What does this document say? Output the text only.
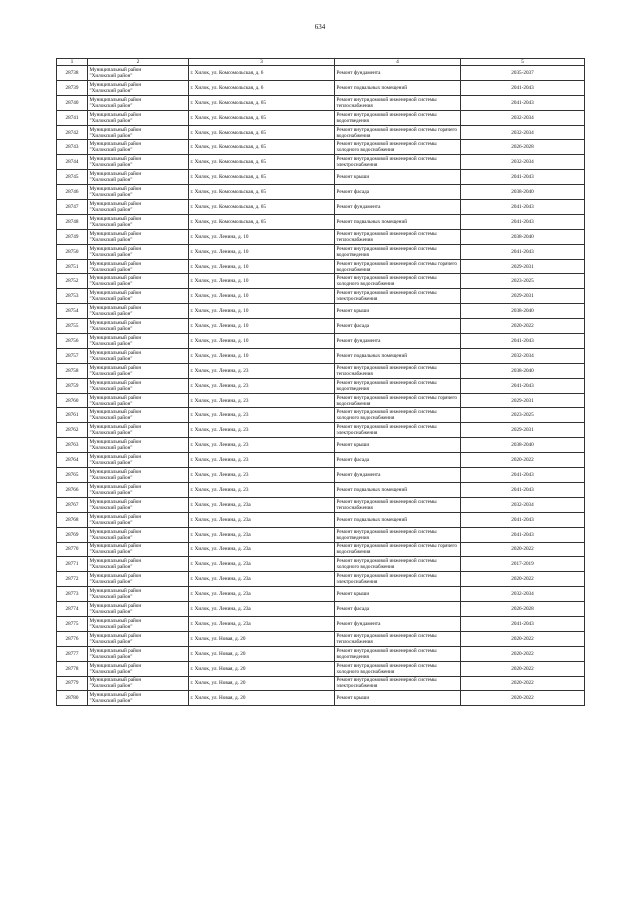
634
1	2	3	4	5
28738	Муниципальный район
"Хилокский район"	г. Хилок, ул. Комсомольская, д. 6	Ремонт фундамента	2035-2037
28739	Муниципальный район
"Хилокский район"	г. Хилок, ул. Комсомольская, д. 6	Ремонт подвальных помещений	2041-2043
28740	Муниципальный район
"Хилокский район"	г. Хилок, ул. Комсомольская, д. 65	Ремонт внутридомовой инженерной системы теплоснабжения	2041-2043
28741	Муниципальный район
"Хилокский район"	г. Хилок, ул. Комсомольская, д. 65	Ремонт внутридомовой инженерной системы водоотведения	2032-2034
28742	Муниципальный район
"Хилокский район"	г. Хилок, ул. Комсомольская, д. 65	Ремонт внутридомовой инженерной системы горячего водоснабжения	2032-2034
28743	Муниципальный район
"Хилокский район"	г. Хилок, ул. Комсомольская, д. 65	Ремонт внутридомовой инженерной системы холодного водоснабжения	2026-2028
28744	Муниципальный район
"Хилокский район"	г. Хилок, ул. Комсомольская, д. 65	Ремонт внутридомовой инженерной системы электроснабжения	2032-2034
28745	Муниципальный район
"Хилокский район"	г. Хилок, ул. Комсомольская, д. 65	Ремонт крыши	2041-2043
28746	Муниципальный район
"Хилокский район"	г. Хилок, ул. Комсомольская, д. 65	Ремонт фасада	2038-2040
28747	Муниципальный район
"Хилокский район"	г. Хилок, ул. Комсомольская, д. 65	Ремонт фундамента	2041-2043
28748	Муниципальный район
"Хилокский район"	г. Хилок, ул. Комсомольская, д. 65	Ремонт подвальных помещений	2041-2043
28749	Муниципальный район
"Хилокский район"	г. Хилок, ул. Ленина, д. 10	Ремонт внутридомовой инженерной системы теплоснабжения	2038-2040
28750	Муниципальный район
"Хилокский район"	г. Хилок, ул. Ленина, д. 10	Ремонт внутридомовой инженерной системы водоотведения	2041-2043
28751	Муниципальный район
"Хилокский район"	г. Хилок, ул. Ленина, д. 10	Ремонт внутридомовой инженерной системы горячего водоснабжения	2029-2031
28752	Муниципальный район
"Хилокский район"	г. Хилок, ул. Ленина, д. 10	Ремонт внутридомовой инженерной системы холодного водоснабжения	2023-2025
28753	Муниципальный район
"Хилокский район"	г. Хилок, ул. Ленина, д. 10	Ремонт внутридомовой инженерной системы электроснабжения	2029-2031
28754	Муниципальный район
"Хилокский район"	г. Хилок, ул. Ленина, д. 10	Ремонт крыши	2038-2040
28755	Муниципальный район
"Хилокский район"	г. Хилок, ул. Ленина, д. 10	Ремонт фасада	2020-2022
28756	Муниципальный район
"Хилокский район"	г. Хилок, ул. Ленина, д. 10	Ремонт фундамента	2041-2043
28757	Муниципальный район
"Хилокский район"	г. Хилок, ул. Ленина, д. 10	Ремонт подвальных помещений	2032-2034
28758	Муниципальный район
"Хилокский район"	г. Хилок, ул. Ленина, д. 23	Ремонт внутридомовой инженерной системы теплоснабжения	2038-2040
28759	Муниципальный район
"Хилокский район"	г. Хилок, ул. Ленина, д. 23	Ремонт внутридомовой инженерной системы водоотведения	2041-2043
28760	Муниципальный район
"Хилокский район"	г. Хилок, ул. Ленина, д. 23	Ремонт внутридомовой инженерной системы горячего водоснабжения	2029-2031
28761	Муниципальный район
"Хилокский район"	г. Хилок, ул. Ленина, д. 23	Ремонт внутридомовой инженерной системы холодного водоснабжения	2023-2025
28762	Муниципальный район
"Хилокский район"	г. Хилок, ул. Ленина, д. 23	Ремонт внутридомовой инженерной системы электроснабжения	2029-2031
28763	Муниципальный район
"Хилокский район"	г. Хилок, ул. Ленина, д. 23	Ремонт крыши	2038-2040
28764	Муниципальный район
"Хилокский район"	г. Хилок, ул. Ленина, д. 23	Ремонт фасада	2020-2022
28765	Муниципальный район
"Хилокский район"	г. Хилок, ул. Ленина, д. 23	Ремонт фундамента	2041-2043
28766	Муниципальный район
"Хилокский район"	г. Хилок, ул. Ленина, д. 23	Ремонт подвальных помещений	2041-2043
28767	Муниципальный район
"Хилокский район"	г. Хилок, ул. Ленина, д. 23а	Ремонт внутридомовой инженерной системы теплоснабжения	2032-2034
28768	Муниципальный район
"Хилокский район"	г. Хилок, ул. Ленина, д. 23а	Ремонт подвальных помещений	2041-2043
28769	Муниципальный район
"Хилокский район"	г. Хилок, ул. Ленина, д. 23а	Ремонт внутридомовой инженерной системы водоотведения	2041-2043
28770	Муниципальный район
"Хилокский район"	г. Хилок, ул. Ленина, д. 23а	Ремонт внутридомовой инженерной системы горячего водоснабжения	2020-2022
28771	Муниципальный район
"Хилокский район"	г. Хилок, ул. Ленина, д. 23а	Ремонт внутридомовой инженерной системы холодного водоснабжения	2017-2019
28772	Муниципальный район
"Хилокский район"	г. Хилок, ул. Ленина, д. 23а	Ремонт внутридомовой инженерной системы электроснабжения	2020-2022
28773	Муниципальный район
"Хилокский район"	г. Хилок, ул. Ленина, д. 23а	Ремонт крыши	2032-2034
28774	Муниципальный район
"Хилокский район"	г. Хилок, ул. Ленина, д. 23а	Ремонт фасада	2026-2028
28775	Муниципальный район
"Хилокский район"	г. Хилок, ул. Ленина, д. 23а	Ремонт фундамента	2041-2043
28776	Муниципальный район
"Хилокский район"	г. Хилок, ул. Новая, д. 20	Ремонт внутридомовой инженерной системы теплоснабжения	2020-2022
28777	Муниципальный район
"Хилокский район"	г. Хилок, ул. Новая, д. 20	Ремонт внутридомовой инженерной системы водоотведения	2020-2022
28778	Муниципальный район
"Хилокский район"	г. Хилок, ул. Новая, д. 20	Ремонт внутридомовой инженерной системы холодного водоснабжения	2020-2022
28779	Муниципальный район
"Хилокский район"	г. Хилок, ул. Новая, д. 20	Ремонт внутридомовой инженерной системы электроснабжения	2020-2022
28780	Муниципальный район
"Хилокский район"	г. Хилок, ул. Новая, д. 20	Ремонт крыши	2020-2022
